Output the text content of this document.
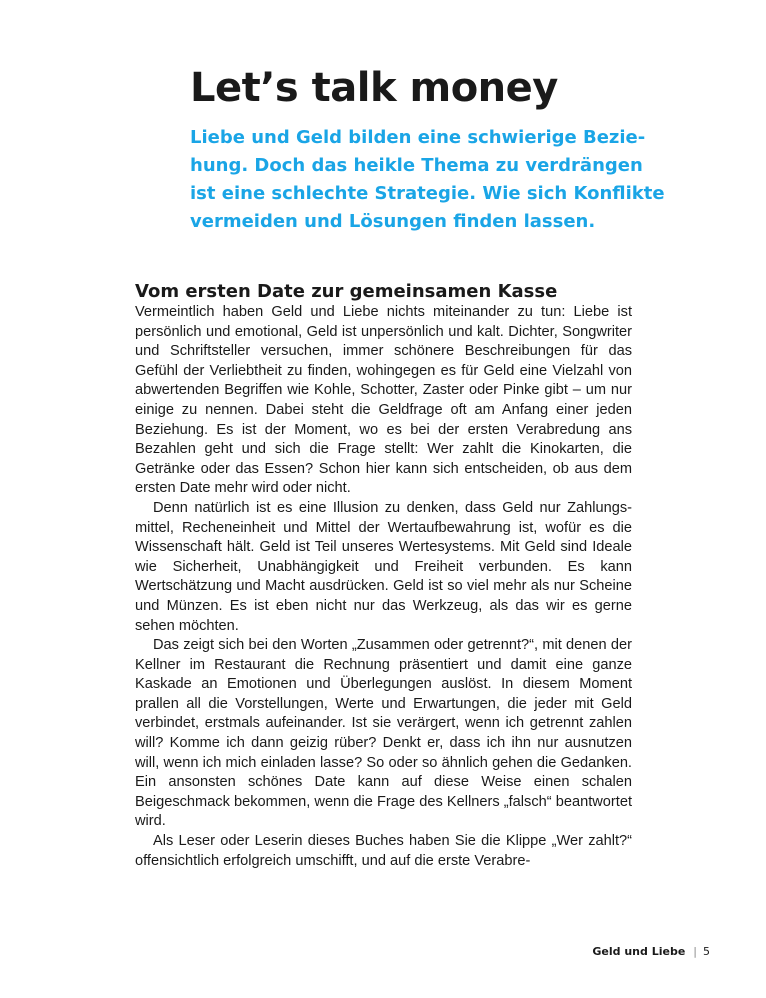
Let’s talk money
Liebe und Geld bilden eine schwierige Bezie-
hung. Doch das heikle Thema zu verdrängen
ist eine schlechte Strategie. Wie sich Konflikte
vermeiden und Lösungen finden lassen.
Vom ersten Date zur gemeinsamen Kasse

Vermeintlich haben Geld und Liebe nichts miteinander zu tun: Liebe ist persönlich und emotional, Geld ist unpersönlich und kalt. Dichter, Songwriter und Schriftsteller versuchen, immer schönere Beschreibungen für das Gefühl der Verliebtheit zu finden, wohingegen es für Geld eine Vielzahl von abwertenden Begriffen wie Kohle, Schotter, Zaster oder Pinke gibt – um nur einige zu nennen. Dabei steht die Geldfrage oft am Anfang einer jeden Beziehung. Es ist der Moment, wo es bei der ersten Verabredung ans Bezahlen geht und sich die Frage stellt: Wer zahlt die Kinokarten, die Getränke oder das Essen? Schon hier kann sich entscheiden, ob aus dem ersten Date mehr wird oder nicht.

Denn natürlich ist es eine Illusion zu denken, dass Geld nur Zahlungsmittel, Recheneinheit und Mittel der Wertaufbewahrung ist, wofür es die Wissenschaft hält. Geld ist Teil unseres Wertesystems. Mit Geld sind Ideale wie Sicherheit, Unabhängigkeit und Freiheit verbunden. Es kann Wertschätzung und Macht ausdrücken. Geld ist so viel mehr als nur Scheine und Münzen. Es ist eben nicht nur das Werkzeug, als das wir es gerne sehen möchten.

Das zeigt sich bei den Worten „Zusammen oder getrennt?“, mit denen der Kellner im Restaurant die Rechnung präsentiert und damit eine ganze Kaskade an Emotionen und Überlegungen auslöst. In diesem Moment prallen all die Vorstellungen, Werte und Erwartungen, die jeder mit Geld verbindet, erstmals aufeinander. Ist sie verärgert, wenn ich getrennt zahlen will? Komme ich dann geizig rüber? Denkt er, dass ich ihn nur ausnutzen will, wenn ich mich einladen lasse? So oder so ähnlich gehen die Gedanken. Ein ansonsten schönes Date kann auf diese Weise einen schalen Beigeschmack bekommen, wenn die Frage des Kellners „falsch“ beantwortet wird.

Als Leser oder Leserin dieses Buches haben Sie die Klippe „Wer zahlt?“ offensichtlich erfolgreich umschifft, und auf die erste Verabre-

Geld und Liebe | 5
